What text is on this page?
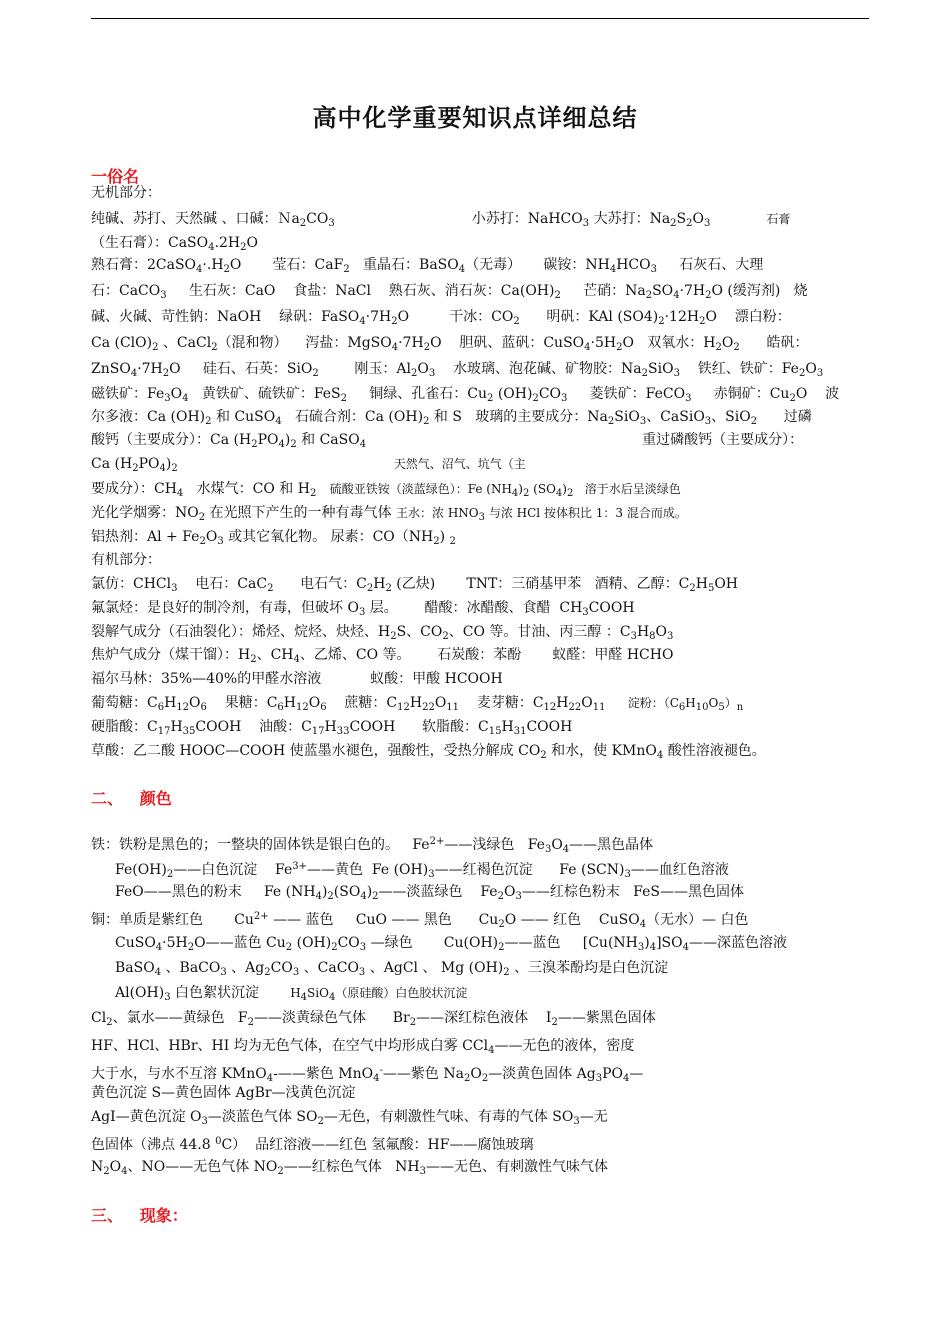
高中化学重要知识点详细总结
一俗名
无机部分：
纯碱、苏打、天然碱 、口碱：$Na_2CO_3$	小苏打：NaHCO$_3$ 大苏打：$Na_2S_2O_3$	石膏
（生石膏）：$CaSO_4.2H_2O$
熟石膏：$2CaSO_4\cdot.H_2O$       莹石：CaF$_2$   重晶石：BaSO$_4$（无毒）     碳铵：$NH_4HCO_3$     石灰石、大理
石：CaCO$_3$     生石灰：CaO    食盐：NaCl    熟石灰、消石灰：$Ca(OH)_2$     芒硝：$Na_2SO_4\cdot 7H_2O$ (缓泻剂)   烧
碱、火碱、苛性钠：NaOH    绿矾：$FaSO_4\cdot 7H_2O$         干冰：$CO_2$      明矾：KAl $(SO4)_2\cdot 12H_2O$    漂白粉：
Ca $(ClO)_2$ 、CaCl$_2$（混和物）    泻盐：$MgSO_4\cdot 7H_2O$    胆矾、蓝矾：$CuSO_4\cdot 5H_2O$   双氧水：$H_2O_2$      皓矾：
$ZnSO_4\cdot 7H_2O$     硅石、石英：SiO$_2$        刚玉：$Al_2O_3$    水玻璃、泡花碱、矿物胶：$Na_2SiO_3$    铁红、铁矿：$Fe_2O_3$
磁铁矿：$Fe_3O_4$   黄铁矿、硫铁矿：FeS$_2$     铜绿、孔雀石：$Cu_2$ $(OH)_2CO_3$     菱铁矿：FeCO$_3$     赤铜矿：$Cu_2O$    波
尔多液：Ca $(OH)_2$ 和 CuSO$_4$   石硫合剂：Ca $(OH)_2$ 和 S   玻璃的主要成分：$Na_2SiO_3$、CaSiO$_3$、SiO$_2$      过磷
酸钙（主要成分）：Ca $(H_2PO_4)_2$ 和 CaSO$_4$	重过磷酸钙（主要成分）：
Ca $(H_2PO_4)_2$	天然气、沼气、坑气（主
要成分）：$CH_4$   水煤气：CO 和 $H_2$ 硫酸亚铁铵（淡蓝绿色）：Fe $(NH_4)_2$ $(SO_4)_2$   溶于水后呈淡绿色
光化学烟雾：$NO_2$ 在光照下产生的一种有毒气体 王水：浓 $HNO_3$ 与浓 HCl 按体积比 1：3 混合而成。
铝热剂：$Al + Fe_2O_3$ 或其它氧化物。 尿素：$CO(NH_2)$ $_2$
有机部分：
氯仿：CHCl$_3$    电石：CaC$_2$      电石气：$C_2H_2$ (乙炔)       TNT：三硝基甲苯   酒精、乙醇：$C_2H_5OH$
氟氯烃：是良好的制冷剂，有毒，但破坏 $O_3$ 层。      醋酸：冰醋酸、食醋  $CH_3COOH$
裂解气成分（石油裂化）：烯烃、烷烃、炔烃、$H_2S$、$CO_2$、CO 等。甘油、丙三醇 ：$C_3H_8O_3$
焦炉气成分（煤干馏）：$H_2$、$CH_4$、乙烯、CO 等。      石炭酸：苯酚       蚁醛：甲醛 HCHO
福尔马林：35%—40%的甲醛水溶液           蚁酸：甲酸 HCOOH
葡萄糖：$C_6H_{12}O_6$    果糖：$C_6H_{12}O_6$    蔗糖：$C_{12}H_{22}O_{11}$    麦芽糖：$C_{12}H_{22}O_{11}$ 淀粉：$(C_6H_{10}O_5)_n$
硬脂酸：$C_{17}H_{35}COOH$    油酸：$C_{17}H_{33}COOH$      软脂酸：$C_{15}H_{31}COOH$
草酸：乙二酸 HOOC—COOH 使蓝墨水褪色，强酸性，受热分解成 $CO_2$ 和水，使 KMnO$_4$ 酸性溶液褪色。
二、 颜色
铁：铁粉是黑色的；一整块的固体铁是银白色的。   $Fe^{2+}——$浅绿色   $Fe_3O_4——$黑色晶体
$Fe(OH)_2——$白色沉淀    $Fe^{3+}——$黄色  Fe $(OH)_3——$红褐色沉淀      Fe $(SCN)_3——$血红色溶液
FeO——黑色的粉末     Fe $(NH_4)_2(SO_4)_2——$淡蓝绿色    $Fe_2O_3——$红棕色粉末   FeS——黑色固体
铜：单质是紫红色       $Cu^{2+}$ —— 蓝色     CuO —— 黑色      $Cu_2O$ —— 红色    CuSO$_4$（无水）— 白色
$CuSO_4\cdot 5H_2O——$蓝色 $Cu_2$ $(OH)_2CO_3$ —绿色       $Cu(OH)_2——$蓝色     $[Cu(NH_3)_4]SO_4——$深蓝色溶液
BaSO$_4$ 、BaCO$_3$ 、$Ag_2CO_3$ 、CaCO$_3$ 、AgCl 、 Mg $(OH)_2$ 、三溴苯酚均是白色沉淀
$Al(OH)_3$ 白色絮状沉淀       $H_4SiO_4$（原硅酸）白色胶状沉淀
$Cl_2$、氯水——黄绿色   $F_2——$淡黄绿色气体      $Br_2——$深红棕色液体    $I_2——$紫黑色固体
HF、HCl、HBr、HI 均为无色气体，在空气中均形成白雾 CCl$_4$——无色的液体，密度
大于水，与水不互溶 KMnO$_4$-——紫色 MnO$_4$-——紫色 $Na_2O_2—$淡黄色固体 $Ag_3PO_4—$
黄色沉淀 S—黄色固体 AgBr—浅黄色沉淀
AgI—黄色沉淀 $O_3—$淡蓝色气体 $SO_2—$无色，有刺激性气味、有毒的气体 $SO_3—$无
色固体（沸点 44.8 $^0$C）  品红溶液——红色 氢氟酸：HF——腐蚀玻璃
$N_2O_4$、NO——无色气体 $NO_2——$红棕色气体   $NH_3——$无色、有刺激性气味气体
三、 现象：
